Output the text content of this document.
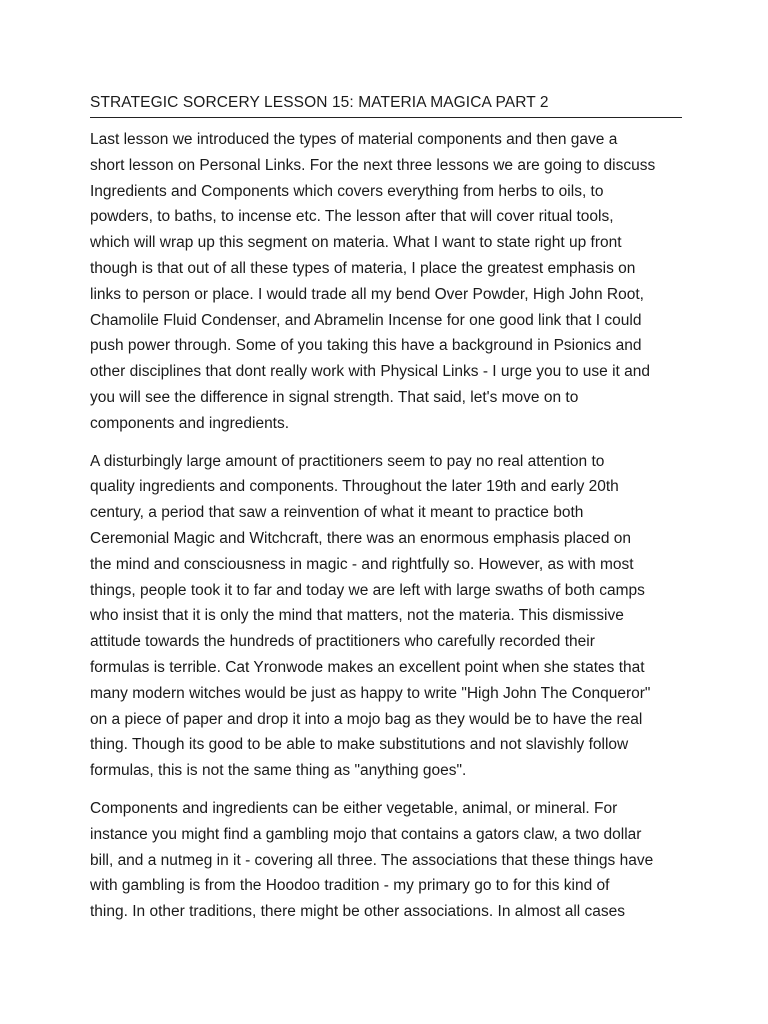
STRATEGIC SORCERY LESSON 15: MATERIA MAGICA PART 2

Last lesson we introduced the types of material components and then gave a
short lesson on Personal Links. For the next three lessons we are going to discuss
Ingredients and Components which covers everything from herbs to oils, to
powders, to baths, to incense etc. The lesson after that will cover ritual tools,
which will wrap up this segment on materia. What I want to state right up front
though is that out of all these types of materia, I place the greatest emphasis on
links to person or place. I would trade all my bend Over Powder, High John Root,
Chamolile Fluid Condenser, and Abramelin Incense for one good link that I could
push power through. Some of you taking this have a background in Psionics and
other disciplines that dont really work with Physical Links - I urge you to use it and
you will see the difference in signal strength. That said, let's move on to
components and ingredients.

A disturbingly large amount of practitioners seem to pay no real attention to
quality ingredients and components. Throughout the later 19th and early 20th
century, a period that saw a reinvention of what it meant to practice both
Ceremonial Magic and Witchcraft, there was an enormous emphasis placed on
the mind and consciousness in magic - and rightfully so. However, as with most
things, people took it to far and today we are left with large swaths of both camps
who insist that it is only the mind that matters, not the materia. This dismissive
attitude towards the hundreds of practitioners who carefully recorded their
formulas is terrible. Cat Yronwode makes an excellent point when she states that
many modern witches would be just as happy to write "High John The Conqueror"
on a piece of paper and drop it into a mojo bag as they would be to have the real
thing. Though its good to be able to make substitutions and not slavishly follow
formulas, this is not the same thing as "anything goes".

Components and ingredients can be either vegetable, animal, or mineral. For
instance you might find a gambling mojo that contains a gators claw, a two dollar
bill, and a nutmeg in it - covering all three. The associations that these things have
with gambling is from the Hoodoo tradition - my primary go to for this kind of
thing. In other traditions, there might be other associations. In almost all cases
